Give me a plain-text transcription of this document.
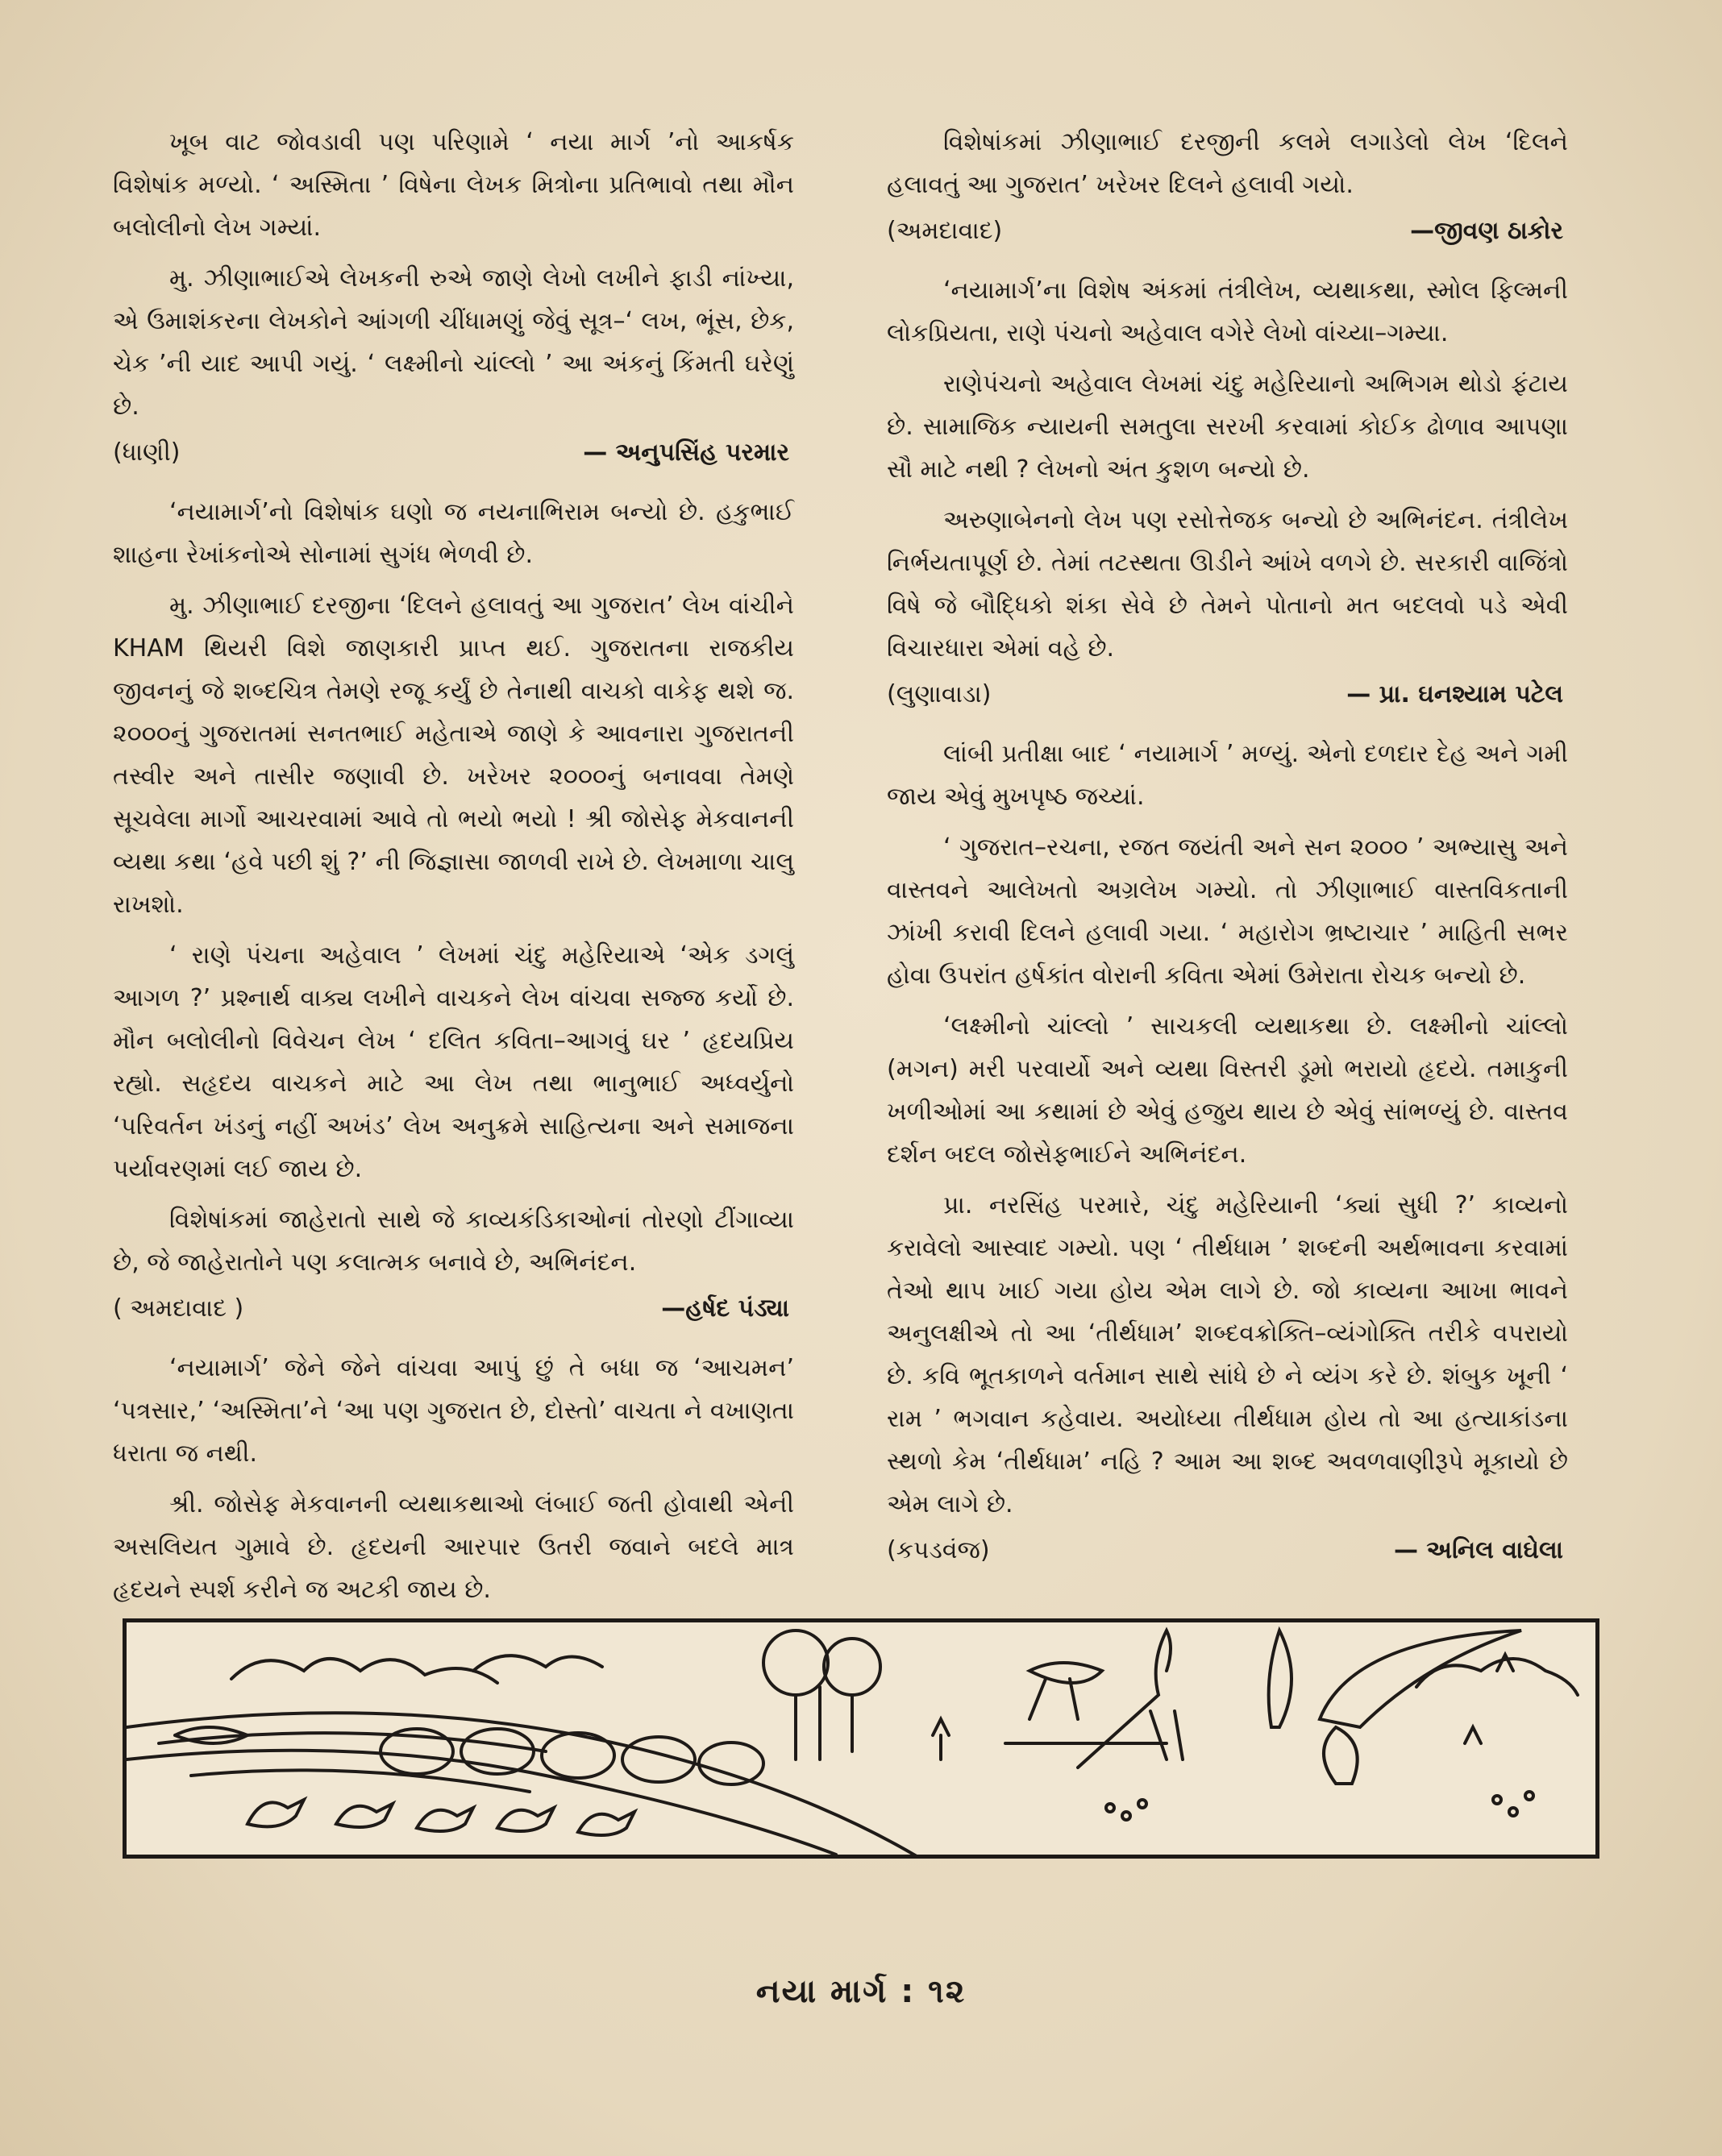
ખૂબ વાટ જોવડાવી પણ પરિણામે ‘ નયા માર્ગ ’નો આકર્ષક વિશેષાંક મળ્યો. ‘ અસ્મિતા ’ વિષેના લેખક મિત્રોના પ્રતિભાવો તથા મૌન બલોલીનો લેખ ગમ્યાં.

મુ. ઝીણાભાઈએ લેખકની રુએ જાણે લેખો લખીને ફાડી નાંખ્યા, એ ઉમાશંકરના લેખકોને આંગળી ચીંધામણું જેવું સૂત્ર–‘ લખ, ભૂંસ, છેક, ચેક ’ની યાદ આપી ગયું. ‘ લક્ષ્મીનો ચાંલ્લો ’ આ અંકનું કિંમતી ઘરેણું છે.

(ધાણી)	— અનુપસિંહ પરમાર

‘નયામાર્ગ’નો વિશેષાંક ઘણો જ નયનાભિરામ બન્યો છે. હકુભાઈ શાહના રેખાંકનોએ સોનામાં સુગંધ ભેળવી છે.

મુ. ઝીણાભાઈ દરજીના ‘દિલને હલાવતું આ ગુજરાત’ લેખ વાંચીને KHAM થિયરી વિશે જાણકારી પ્રાપ્ત થઈ. ગુજરાતના રાજકીય જીવનનું જે શબ્દચિત્ર તેમણે રજૂ કર્યું છે તેનાથી વાચકો વાકેફ થશે જ. ૨૦૦૦નું ગુજરાતમાં સનતભાઈ મહેતાએ જાણે કે આવનારા ગુજરાતની તસ્વીર અને તાસીર જણાવી છે. ખરેખર ૨૦૦૦નું બનાવવા તેમણે સૂચવેલા માર્ગો આચરવામાં આવે તો ભયો ભયો ! શ્રી જોસેફ મેકવાનની વ્યથા કથા ‘હવે પછી શું ?’ ની જિજ્ઞાસા જાળવી રાખે છે. લેખમાળા ચાલુ રાખશો.

‘ રાણે પંચના અહેવાલ ’ લેખમાં ચંદુ મહેરિયાએ ‘એક ડગલું આગળ ?’ પ્રશ્નાર્થ વાક્ય લખીને વાચકને લેખ વાંચવા સજ્જ કર્યો છે. મૌન બલોલીનો વિવેચન લેખ ‘ દલિત કવિતા–આગવું ઘર ’ હૃદયપ્રિય રહ્યો. સહૃદય વાચકને માટે આ લેખ તથા ભાનુભાઈ અધ્વર્યુનો ‘પરિવર્તન ખંડનું નહીં અખંડ’ લેખ અનુક્રમે સાહિત્યના અને સમાજના પર્યાવરણમાં લઈ જાય છે.

વિશેષાંકમાં જાહેરાતો સાથે જે કાવ્યકંડિકાઓનાં તોરણો ટીંગાવ્યા છે, જે જાહેરાતોને પણ કલાત્મક બનાવે છે, અભિનંદન.

( અમદાવાદ )	—હર્ષદ પંડ્યા

‘નયામાર્ગ’ જેને જેને વાંચવા આપું છું તે બધા જ ‘આચમન’ ‘પત્રસાર,’ ‘અસ્મિતા’ને ‘આ પણ ગુજરાત છે, દોસ્તો’ વાચતા ને વખાણતા ધરાતા જ નથી.

શ્રી. જોસેફ મેકવાનની વ્યથાકથાઓ લંબાઈ જતી હોવાથી એની અસલિયત ગુમાવે છે. હૃદયની આરપાર ઉતરી જવાને બદલે માત્ર હૃદયને સ્પર્શ કરીને જ અટકી જાય છે.

વિશેષાંકમાં ઝીણાભાઈ દરજીની કલમે લગાડેલો લેખ ‘દિલને હલાવતું આ ગુજરાત’ ખરેખર દિલને હલાવી ગયો.

(અમદાવાદ)	—જીવણ ઠાકોર

‘નયામાર્ગ’ના વિશેષ અંકમાં તંત્રીલેખ, વ્યથાકથા, સ્મોલ ફિલ્મની લોકપ્રિયતા, રાણે પંચનો અહેવાલ વગેરે લેખો વાંચ્યા–ગમ્યા.

રાણેપંચનો અહેવાલ લેખમાં ચંદુ મહેરિયાનો અભિગમ થોડો ફંટાય છે. સામાજિક ન્યાયની સમતુલા સરખી કરવામાં કોઈક ઢોળાવ આપણા સૌ માટે નથી ? લેખનો અંત કુશળ બન્યો છે.

અરુણાબેનનો લેખ પણ રસોત્તેજક બન્યો છે અભિનંદન. તંત્રીલેખ નિર્ભયતાપૂર્ણ છે. તેમાં તટસ્થતા ઊડીને આંખે વળગે છે. સરકારી વાજિંત્રો વિષે જે બૌદ્ધિકો શંકા સેવે છે તેમને પોતાનો મત બદલવો પડે એવી વિચારધારા એમાં વહે છે.

(લુણાવાડા)	— પ્રા. ઘનશ્યામ પટેલ

લાંબી પ્રતીક્ષા બાદ ‘ નયામાર્ગ ’ મળ્યું. એનો દળદાર દેહ અને ગમી જાય એવું મુખપૃષ્ઠ જચ્યાં.

‘ ગુજરાત–રચના, રજત જયંતી અને સન ૨૦૦૦ ’ અભ્યાસુ અને વાસ્તવને આલેખતો અગ્રલેખ ગમ્યો. તો ઝીણાભાઈ વાસ્તવિકતાની ઝાંખી કરાવી દિલને હલાવી ગયા. ‘ મહારોગ ભ્રષ્ટાચાર ’ માહિતી સભર હોવા ઉપરાંત હર્ષકાંત વોરાની કવિતા એમાં ઉમેરાતા રોચક બન્યો છે.

‘લક્ષ્મીનો ચાંલ્લો ’ સાચકલી વ્યથાકથા છે. લક્ષ્મીનો ચાંલ્લો (મગન) મરી પરવાર્યો અને વ્યથા વિસ્તરી ડૂમો ભરાયો હૃદયે. તમાકુની ખળીઓમાં આ કથામાં છે એવું હજુય થાય છે એવું સાંભળ્યું છે. વાસ્તવ દર્શન બદલ જોસેફભાઈને અભિનંદન.

પ્રા. નરસિંહ પરમારે, ચંદુ મહેરિયાની ‘ક્યાં સુધી ?’ કાવ્યનો કરાવેલો આસ્વાદ ગમ્યો. પણ ‘ તીર્થધામ ’ શબ્દની અર્થભાવના કરવામાં તેઓ થાપ ખાઈ ગયા હોય એમ લાગે છે. જો કાવ્યના આખા ભાવને અનુલક્ષીએ તો આ ‘તીર્થધામ’ શબ્દવક્રોક્તિ–વ્યંગોક્તિ તરીકે વપરાયો છે. કવિ ભૂતકાળને વર્તમાન સાથે સાંધે છે ને વ્યંગ કરે છે. શંબુક ખૂની ‘ રામ ’ ભગવાન કહેવાય. અયોધ્યા તીર્થધામ હોય તો આ હત્યાકાંડના સ્થળો કેમ ‘તીર્થધામ’ નહિ ? આમ આ શબ્દ અવળવાણીરૂપે મૂકાયો છે એમ લાગે છે.

(કપડવંજ)	— અનિલ વાઘેલા
નયા માર્ગ : ૧૨
